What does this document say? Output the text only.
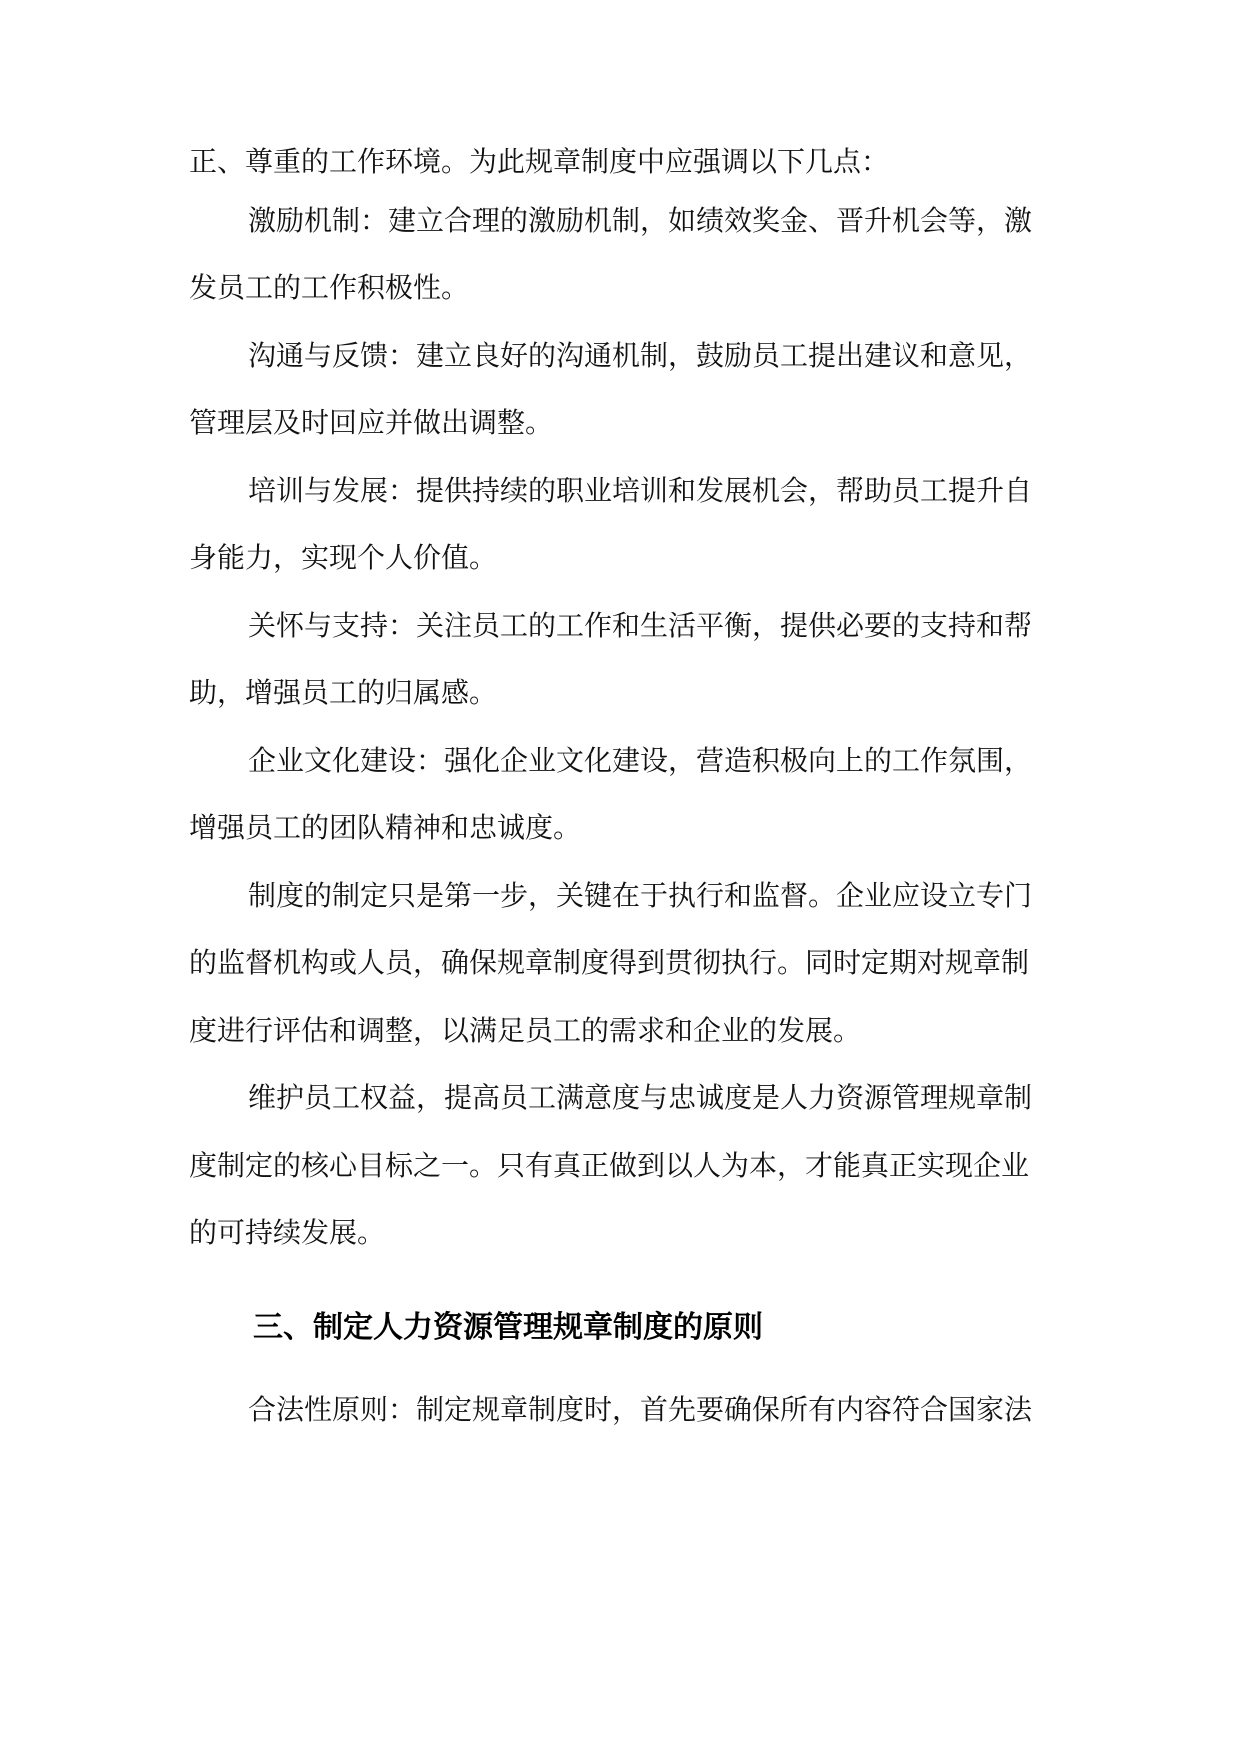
正、尊重的工作环境。为此规章制度中应强调以下几点：
激励机制：建立合理的激励机制，如绩效奖金、晋升机会等，激
发员工的工作积极性。
沟通与反馈：建立良好的沟通机制，鼓励员工提出建议和意见，
管理层及时回应并做出调整。
培训与发展：提供持续的职业培训和发展机会，帮助员工提升自
身能力，实现个人价值。
关怀与支持：关注员工的工作和生活平衡，提供必要的支持和帮
助，增强员工的归属感。
企业文化建设：强化企业文化建设，营造积极向上的工作氛围，
增强员工的团队精神和忠诚度。
制度的制定只是第一步，关键在于执行和监督。企业应设立专门
的监督机构或人员，确保规章制度得到贯彻执行。同时定期对规章制
度进行评估和调整，以满足员工的需求和企业的发展。
维护员工权益，提高员工满意度与忠诚度是人力资源管理规章制
度制定的核心目标之一。只有真正做到以人为本，才能真正实现企业
的可持续发展。
三、制定人力资源管理规章制度的原则
合法性原则：制定规章制度时，首先要确保所有内容符合国家法
